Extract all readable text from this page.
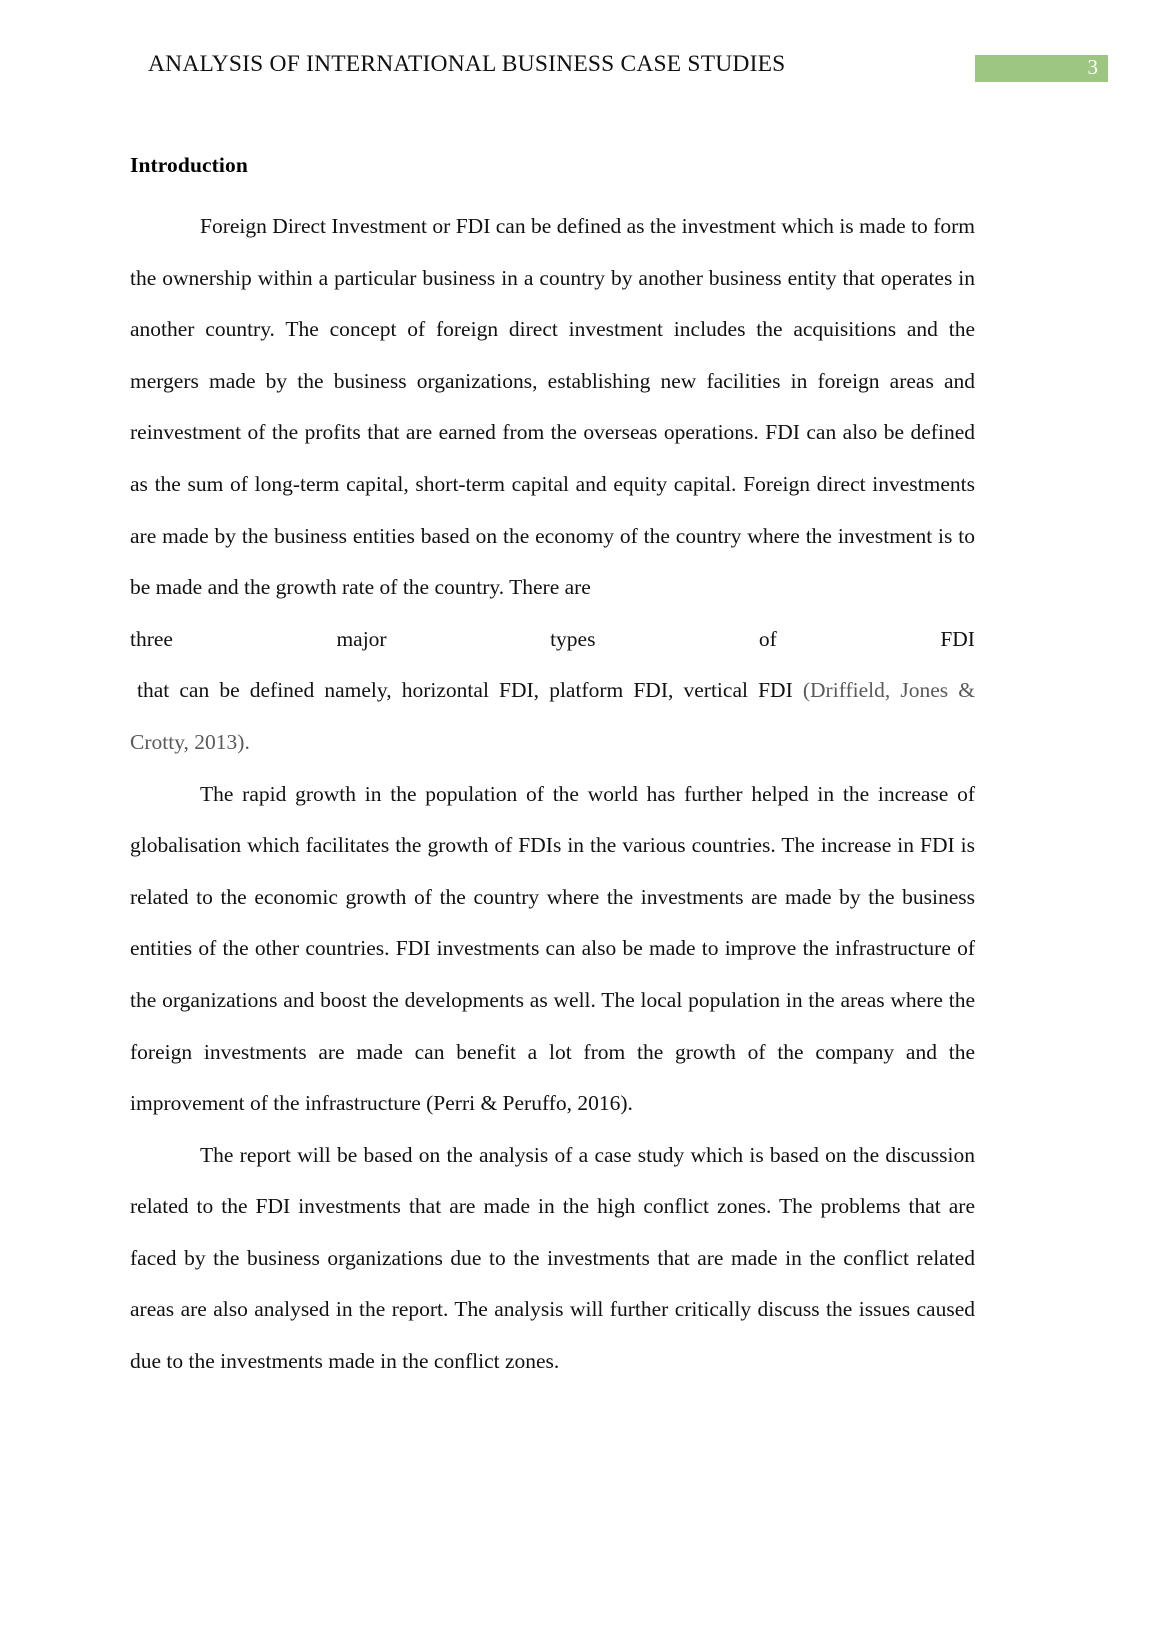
ANALYSIS OF INTERNATIONAL BUSINESS CASE STUDIES	3
Introduction

Foreign Direct Investment or FDI can be defined as the investment which is made to form the ownership within a particular business in a country by another business entity that operates in another country. The concept of foreign direct investment includes the acquisitions and the mergers made by the business organizations, establishing new facilities in foreign areas and reinvestment of the profits that are earned from the overseas operations. FDI can also be defined as the sum of long-term capital, short-term capital and equity capital. Foreign direct investments are made by the business entities based on the economy of the country where the investment is to be made and the growth rate of the country. There are

three	major	types	of	FDI

that can be defined namely, horizontal FDI, platform FDI, vertical FDI (Driffield, Jones & Crotty, 2013).

The rapid growth in the population of the world has further helped in the increase of globalisation which facilitates the growth of FDIs in the various countries. The increase in FDI is related to the economic growth of the country where the investments are made by the business entities of the other countries. FDI investments can also be made to improve the infrastructure of the organizations and boost the developments as well. The local population in the areas where the foreign investments are made can benefit a lot from the growth of the company and the improvement of the infrastructure (Perri & Peruffo, 2016).

The report will be based on the analysis of a case study which is based on the discussion related to the FDI investments that are made in the high conflict zones. The problems that are faced by the business organizations due to the investments that are made in the conflict related areas are also analysed in the report. The analysis will further critically discuss the issues caused due to the investments made in the conflict zones.
